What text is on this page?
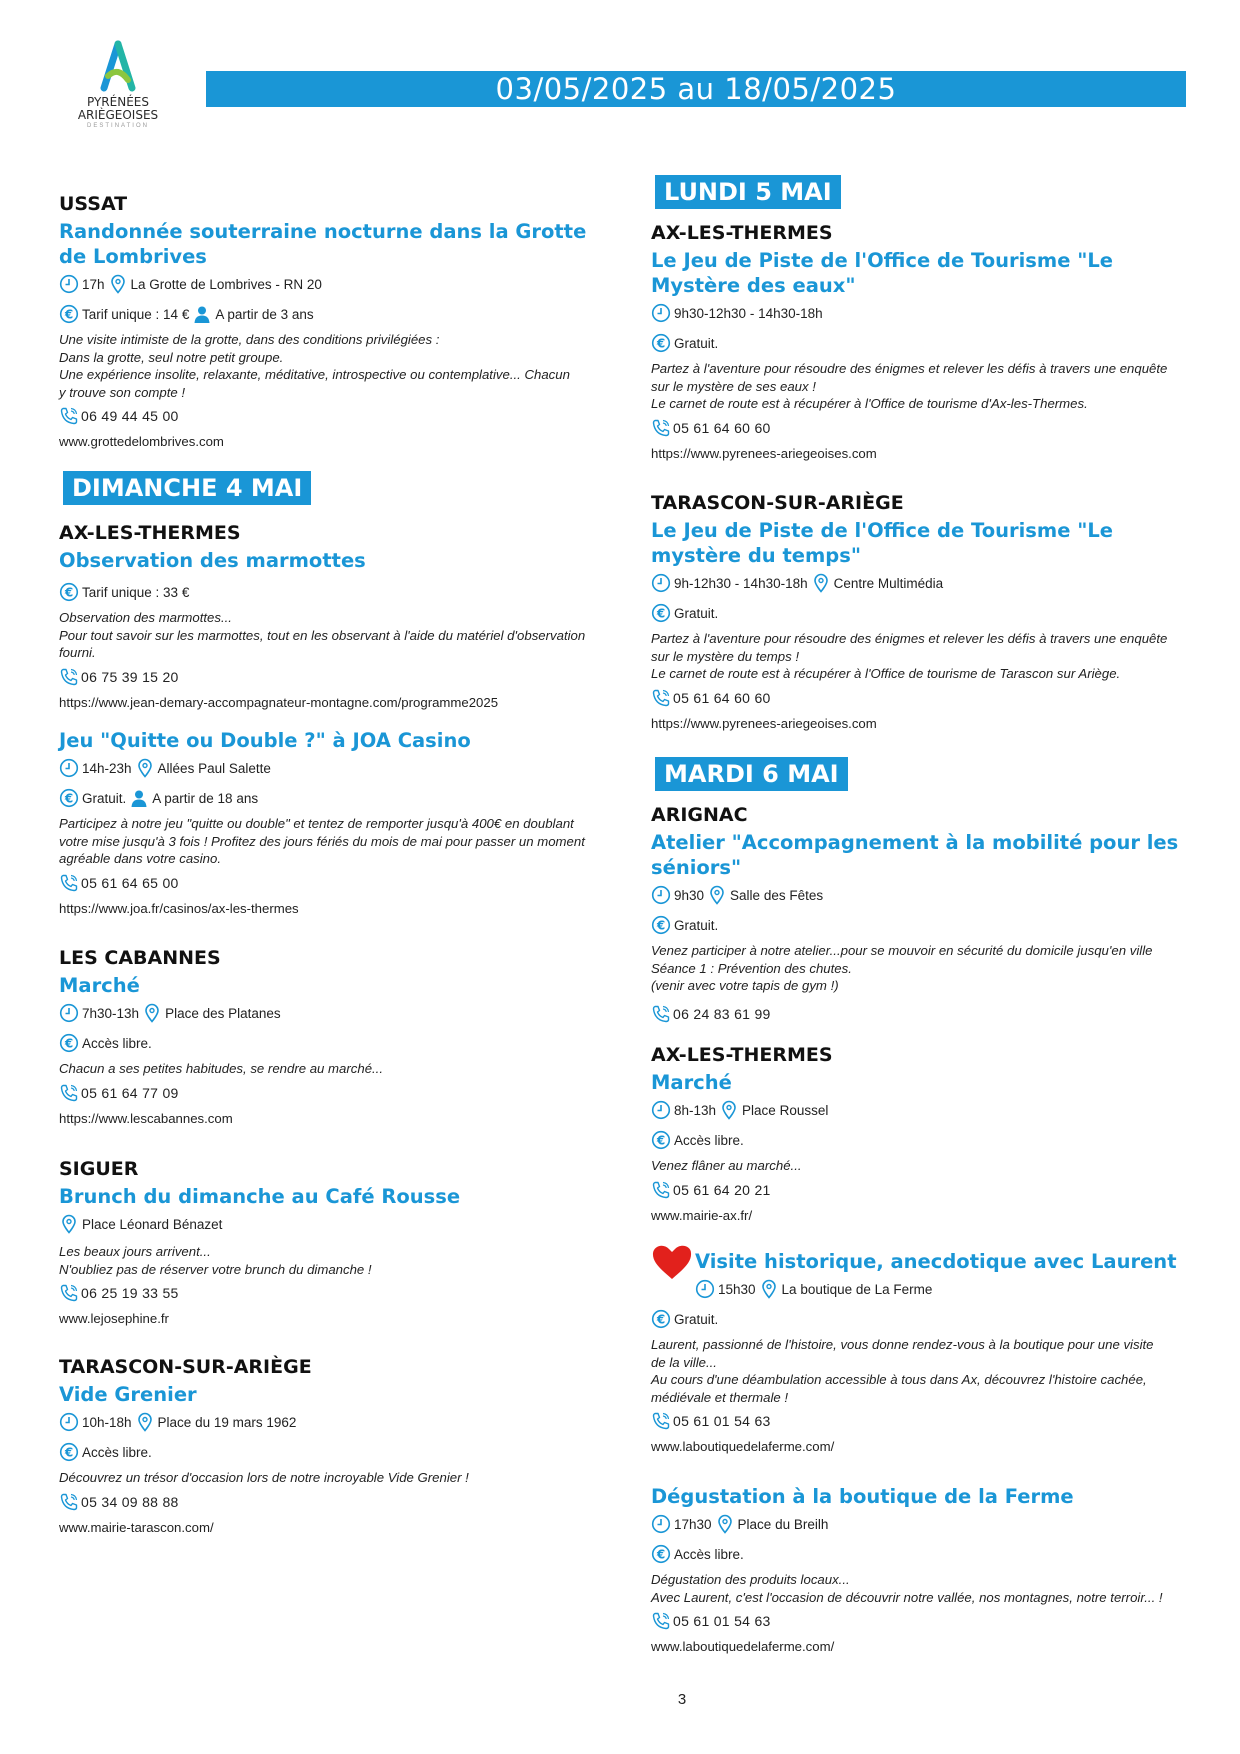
PYRÉNÉES
ARIÈGEOISES
DESTINATION
03/05/2025 au 18/05/2025
USSAT
Randonnée souterraine nocturne dans la Grotte de Lombrives
17h La Grotte de Lombrives - RN 20
€ Tarif unique : 14 € A partir de 3 ans
Une visite intimiste de la grotte, dans des conditions privilégiées :
Dans la grotte, seul notre petit groupe.
Une expérience insolite, relaxante, méditative, introspective ou contemplative... Chacun
y trouve son compte !
06 49 44 45 00
www.grottedelombrives.com
DIMANCHE 4 MAI
AX-LES-THERMES
Observation des marmottes
€ Tarif unique : 33 €
Observation des marmottes...
Pour tout savoir sur les marmottes, tout en les observant à l'aide du matériel d'observation
fourni.
06 75 39 15 20
https://www.jean-demary-accompagnateur-montagne.com/programme2025
Jeu "Quitte ou Double ?" à JOA Casino
14h-23h Allées Paul Salette
€ Gratuit. A partir de 18 ans
Participez à notre jeu "quitte ou double" et tentez de remporter jusqu'à 400€ en doublant
votre mise jusqu'à 3 fois ! Profitez des jours fériés du mois de mai pour passer un moment
agréable dans votre casino.
05 61 64 65 00
https://www.joa.fr/casinos/ax-les-thermes
LES CABANNES
Marché
7h30-13h Place des Platanes
€ Accès libre.
Chacun a ses petites habitudes, se rendre au marché...
05 61 64 77 09
https://www.lescabannes.com
SIGUER
Brunch du dimanche au Café Rousse
Place Léonard Bénazet
Les beaux jours arrivent...
N'oubliez pas de réserver votre brunch du dimanche !
06 25 19 33 55
www.lejosephine.fr
TARASCON-SUR-ARIÈGE
Vide Grenier
10h-18h Place du 19 mars 1962
€ Accès libre.
Découvrez un trésor d'occasion lors de notre incroyable Vide Grenier !
05 34 09 88 88
www.mairie-tarascon.com/
LUNDI 5 MAI
AX-LES-THERMES
Le Jeu de Piste de l'Office de Tourisme "Le Mystère des eaux"
9h30-12h30 - 14h30-18h
€ Gratuit.
Partez à l'aventure pour résoudre des énigmes et relever les défis à travers une enquête
sur le mystère de ses eaux !
Le carnet de route est à récupérer à l'Office de tourisme d'Ax-les-Thermes.
05 61 64 60 60
https://www.pyrenees-ariegeoises.com
TARASCON-SUR-ARIÈGE
Le Jeu de Piste de l'Office de Tourisme "Le mystère du temps"
9h-12h30 - 14h30-18h Centre Multimédia
€ Gratuit.
Partez à l'aventure pour résoudre des énigmes et relever les défis à travers une enquête
sur le mystère du temps !
Le carnet de route est à récupérer à l'Office de tourisme de Tarascon sur Ariège.
05 61 64 60 60
https://www.pyrenees-ariegeoises.com
MARDI 6 MAI
ARIGNAC
Atelier "Accompagnement à la mobilité pour les séniors"
9h30 Salle des Fêtes
€ Gratuit.
Venez participer à notre atelier...pour se mouvoir en sécurité du domicile jusqu'en ville
Séance 1 : Prévention des chutes.
(venir avec votre tapis de gym !)
06 24 83 61 99
AX-LES-THERMES
Marché
8h-13h Place Roussel
€ Accès libre.
Venez flâner au marché...
05 61 64 20 21
www.mairie-ax.fr/
Visite historique, anecdotique avec Laurent
15h30 La boutique de La Ferme
€ Gratuit.
Laurent, passionné de l'histoire, vous donne rendez-vous à la boutique pour une visite
de la ville...
Au cours d'une déambulation accessible à tous dans Ax, découvrez l'histoire cachée,
médiévale et thermale !
05 61 01 54 63
www.laboutiquedelaferme.com/
Dégustation à la boutique de la Ferme
17h30 Place du Breilh
€ Accès libre.
Dégustation des produits locaux...
Avec Laurent, c'est l'occasion de découvrir notre vallée, nos montagnes, notre terroir... !
05 61 01 54 63
www.laboutiquedelaferme.com/
3
